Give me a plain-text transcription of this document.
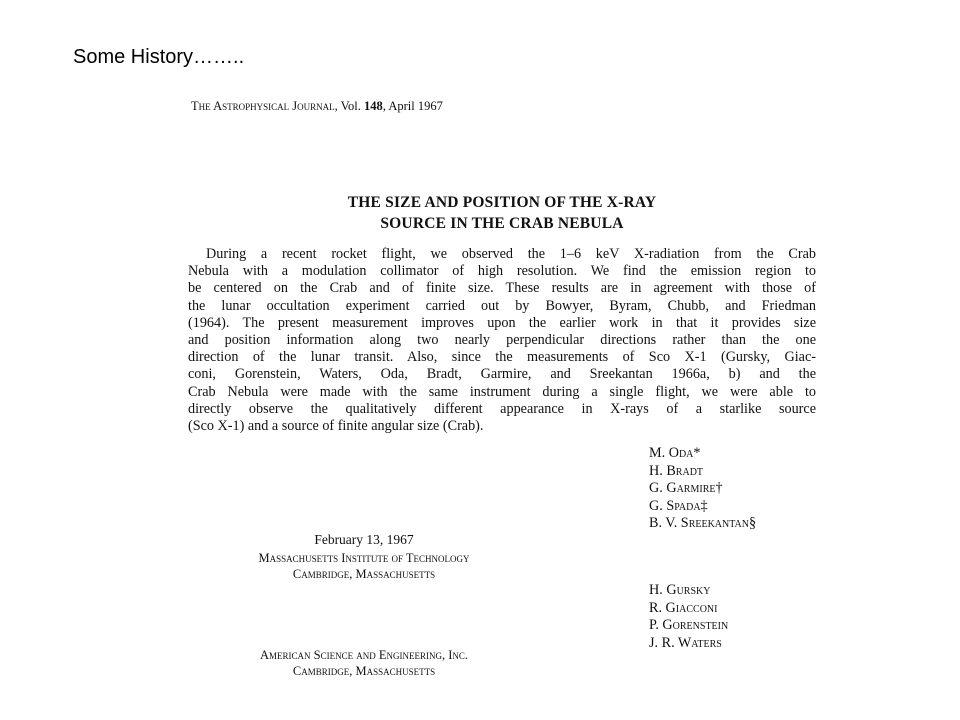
Some History……..
The Astrophysical Journal, Vol. 148, April 1967
THE SIZE AND POSITION OF THE X-RAY
SOURCE IN THE CRAB NEBULA
During a recent rocket flight, we observed the 1–6 keV X-radiation from the Crab
Nebula with a modulation collimator of high resolution. We find the emission region to
be centered on the Crab and of finite size. These results are in agreement with those of
the lunar occultation experiment carried out by Bowyer, Byram, Chubb, and Friedman
(1964). The present measurement improves upon the earlier work in that it provides size
and position information along two nearly perpendicular directions rather than the one
direction of the lunar transit. Also, since the measurements of Sco X-1 (Gursky, Giac-
coni, Gorenstein, Waters, Oda, Bradt, Garmire, and Sreekantan 1966a, b) and the
Crab Nebula were made with the same instrument during a single flight, we were able to
directly observe the qualitatively different appearance in X-rays of a starlike source
(Sco X-1) and a source of finite angular size (Crab).
M. Oda*
H. Bradt
G. Garmire†
G. Spada‡
B. V. Sreekantan§
H. Gursky
R. Giacconi
P. Gorenstein
J. R. Waters
February 13, 1967
Massachusetts Institute of Technology
Cambridge, Massachusetts
American Science and Engineering, Inc.
Cambridge, Massachusetts
